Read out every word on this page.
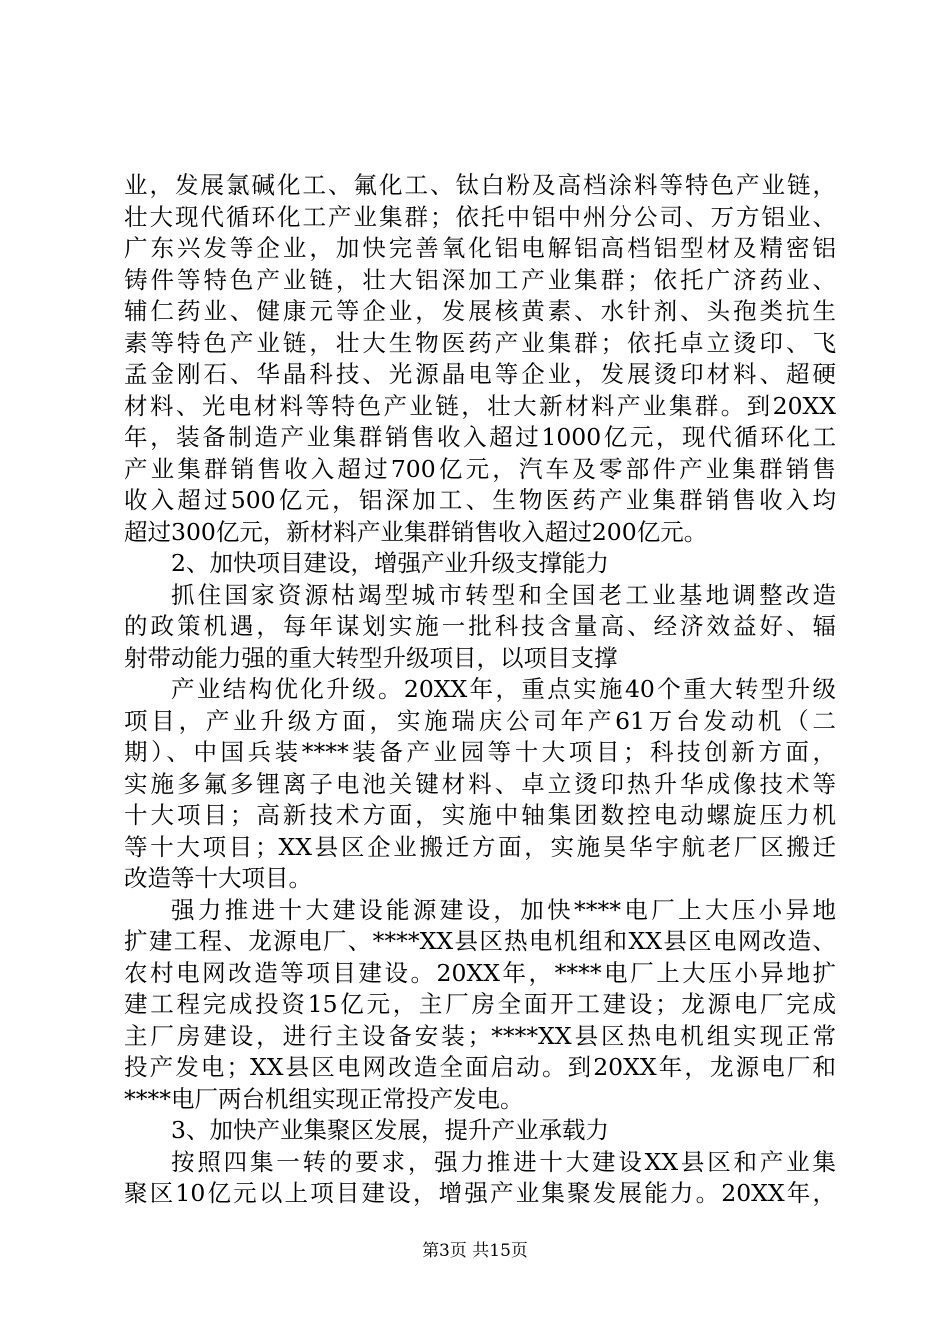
业，发展氯碱化工、氟化工、钛白粉及高档涂料等特色产业链，
壮大现代循环化工产业集群；依托中铝中州分公司、万方铝业、
广东兴发等企业，加快完善氧化铝电解铝高档铝型材及精密铝
铸件等特色产业链，壮大铝深加工产业集群；依托广济药业、
辅仁药业、健康元等企业，发展核黄素、水针剂、头孢类抗生
素等特色产业链，壮大生物医药产业集群；依托卓立烫印、飞
孟金刚石、华晶科技、光源晶电等企业，发展烫印材料、超硬
材料、光电材料等特色产业链，壮大新材料产业集群。到20XX
年，装备制造产业集群销售收入超过1000亿元，现代循环化工
产业集群销售收入超过700亿元，汽车及零部件产业集群销售
收入超过500亿元，铝深加工、生物医药产业集群销售收入均
超过300亿元，新材料产业集群销售收入超过200亿元。
2、加快项目建设，增强产业升级支撑能力
抓住国家资源枯竭型城市转型和全国老工业基地调整改造
的政策机遇，每年谋划实施一批科技含量高、经济效益好、辐
射带动能力强的重大转型升级项目，以项目支撑
产业结构优化升级。20XX年，重点实施40个重大转型升级
项目，产业升级方面，实施瑞庆公司年产61万台发动机（二
期）、中国兵装****装备产业园等十大项目；科技创新方面，
实施多氟多锂离子电池关键材料、卓立烫印热升华成像技术等
十大项目；高新技术方面，实施中轴集团数控电动螺旋压力机
等十大项目；XX县区企业搬迁方面，实施昊华宇航老厂区搬迁
改造等十大项目。
强力推进十大建设能源建设，加快****电厂上大压小异地
扩建工程、龙源电厂、****XX县区热电机组和XX县区电网改造、
农村电网改造等项目建设。20XX年，****电厂上大压小异地扩
建工程完成投资15亿元，主厂房全面开工建设；龙源电厂完成
主厂房建设，进行主设备安装；****XX县区热电机组实现正常
投产发电；XX县区电网改造全面启动。到20XX年，龙源电厂和
****电厂两台机组实现正常投产发电。
3、加快产业集聚区发展，提升产业承载力
按照四集一转的要求，强力推进十大建设XX县区和产业集
聚区10亿元以上项目建设，增强产业集聚发展能力。20XX年，
第3页 共15页
